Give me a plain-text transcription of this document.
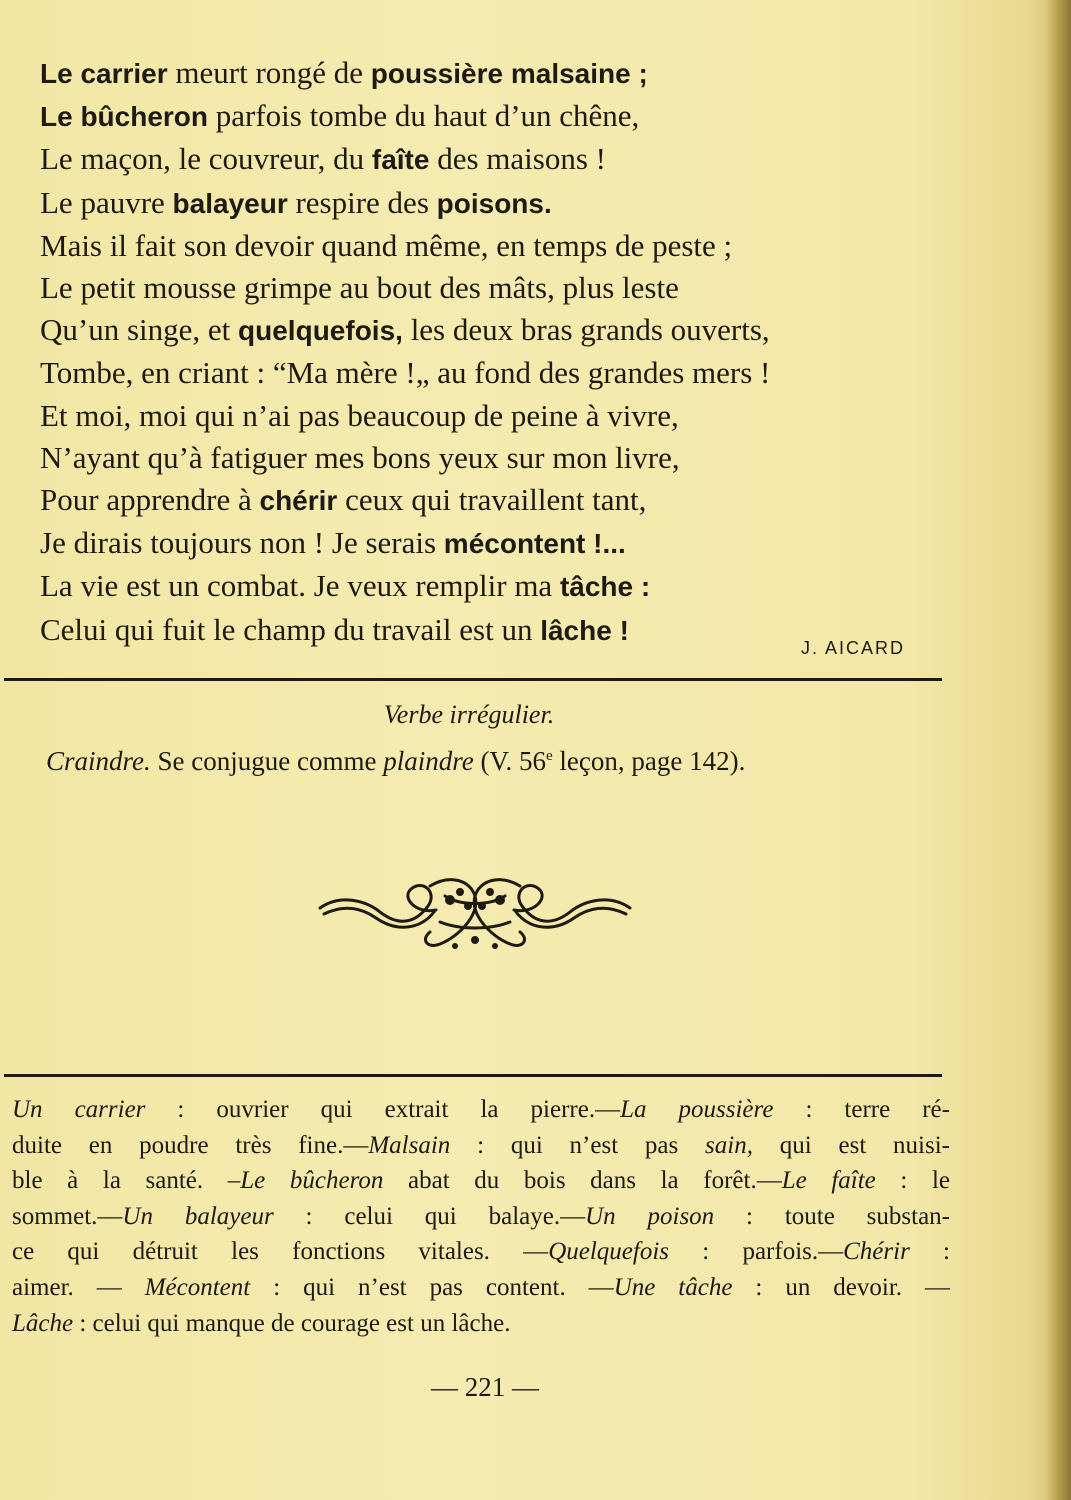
Le carrier meurt rongé de poussière malsaine ;
Le bûcheron parfois tombe du haut d’un chêne,
Le maçon, le couvreur, du faîte des maisons !
Le pauvre balayeur respire des poisons.
Mais il fait son devoir quand même, en temps de peste ;
Le petit mousse grimpe au bout des mâts, plus leste
Qu’un singe, et quelquefois, les deux bras grands ouverts,
Tombe, en criant : “Ma mère !„ au fond des grandes mers !
Et moi, moi qui n’ai pas beaucoup de peine à vivre,
N’ayant qu’à fatiguer mes bons yeux sur mon livre,
Pour apprendre à chérir ceux qui travaillent tant,
Je dirais toujours non ! Je serais mécontent !...
La vie est un combat. Je veux remplir ma tâche :
Celui qui fuit le champ du travail est un lâche !
J. AICARD
Verbe irrégulier.
Craindre. Se conjugue comme plaindre (V. 56e leçon, page 142).
Un carrier : ouvrier qui extrait la pierre.—La poussière : terre ré-
duite en poudre très fine.—Malsain : qui n’est pas sain, qui est nuisi-
ble à la santé. –Le bûcheron abat du bois dans la forêt.—Le faîte : le
sommet.—Un balayeur : celui qui balaye.—Un poison : toute substan-
ce qui détruit les fonctions vitales. —Quelquefois : parfois.—Chérir :
aimer. — Mécontent : qui n’est pas content. —Une tâche : un devoir. —
Lâche : celui qui manque de courage est un lâche.
— 221 —
